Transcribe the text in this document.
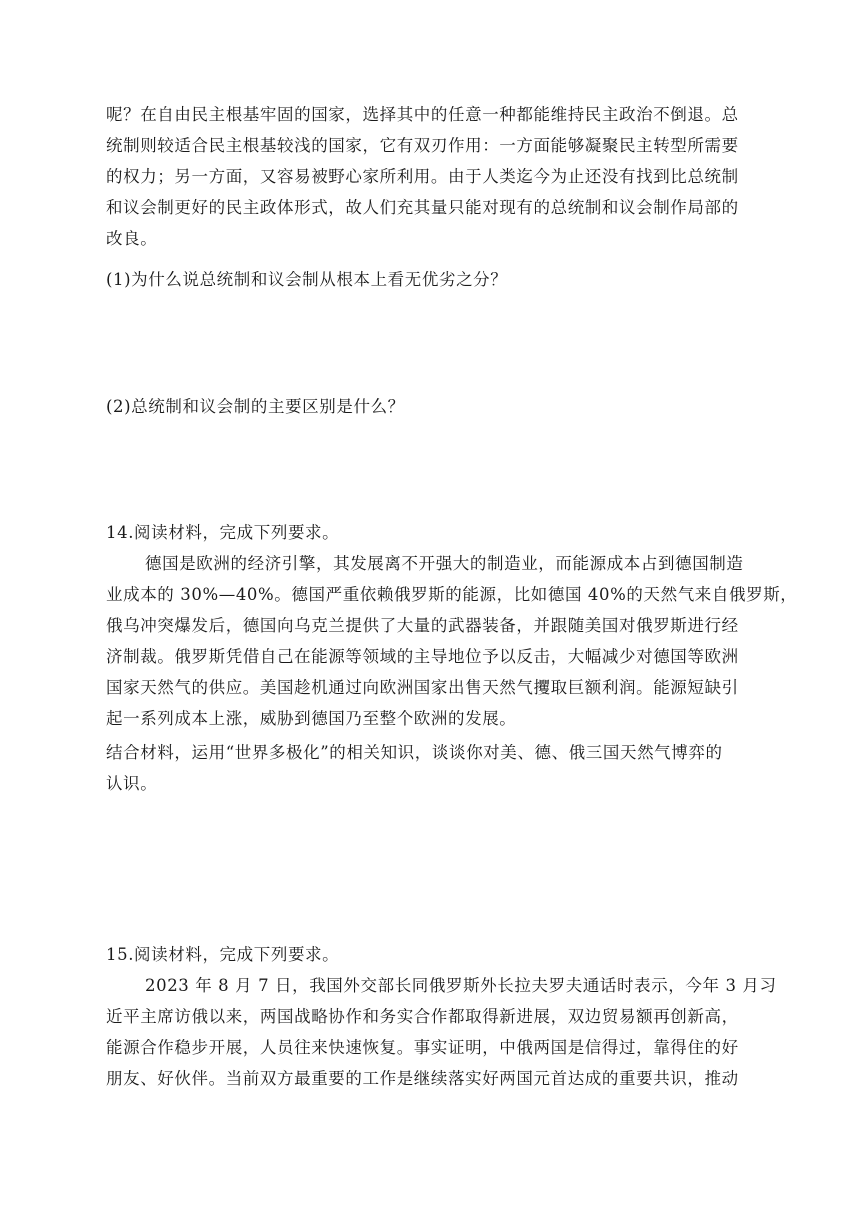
呢？在自由民主根基牢固的国家，选择其中的任意一种都能维持民主政治不倒退。总
统制则较适合民主根基较浅的国家，它有双刃作用：一方面能够凝聚民主转型所需要
的权力；另一方面，又容易被野心家所利用。由于人类迄今为止还没有找到比总统制
和议会制更好的民主政体形式，故人们充其量只能对现有的总统制和议会制作局部的
改良。
(1)为什么说总统制和议会制从根本上看无优劣之分？
(2)总统制和议会制的主要区别是什么？
14.阅读材料，完成下列要求。
德国是欧洲的经济引擎，其发展离不开强大的制造业，而能源成本占到德国制造
业成本的 30%—40%。德国严重依赖俄罗斯的能源，比如德国 40%的天然气来自俄罗斯，
俄乌冲突爆发后，德国向乌克兰提供了大量的武器装备，并跟随美国对俄罗斯进行经
济制裁。俄罗斯凭借自己在能源等领域的主导地位予以反击，大幅减少对德国等欧洲
国家天然气的供应。美国趁机通过向欧洲国家出售天然气攫取巨额利润。能源短缺引
起一系列成本上涨，威胁到德国乃至整个欧洲的发展。
结合材料，运用“世界多极化”的相关知识，谈谈你对美、德、俄三国天然气博弈的
认识。
15.阅读材料，完成下列要求。
2023 年 8 月 7 日，我国外交部长同俄罗斯外长拉夫罗夫通话时表示，今年 3 月习
近平主席访俄以来，两国战略协作和务实合作都取得新进展，双边贸易额再创新高，
能源合作稳步开展，人员往来快速恢复。事实证明，中俄两国是信得过，靠得住的好
朋友、好伙伴。当前双方最重要的工作是继续落实好两国元首达成的重要共识，推动
